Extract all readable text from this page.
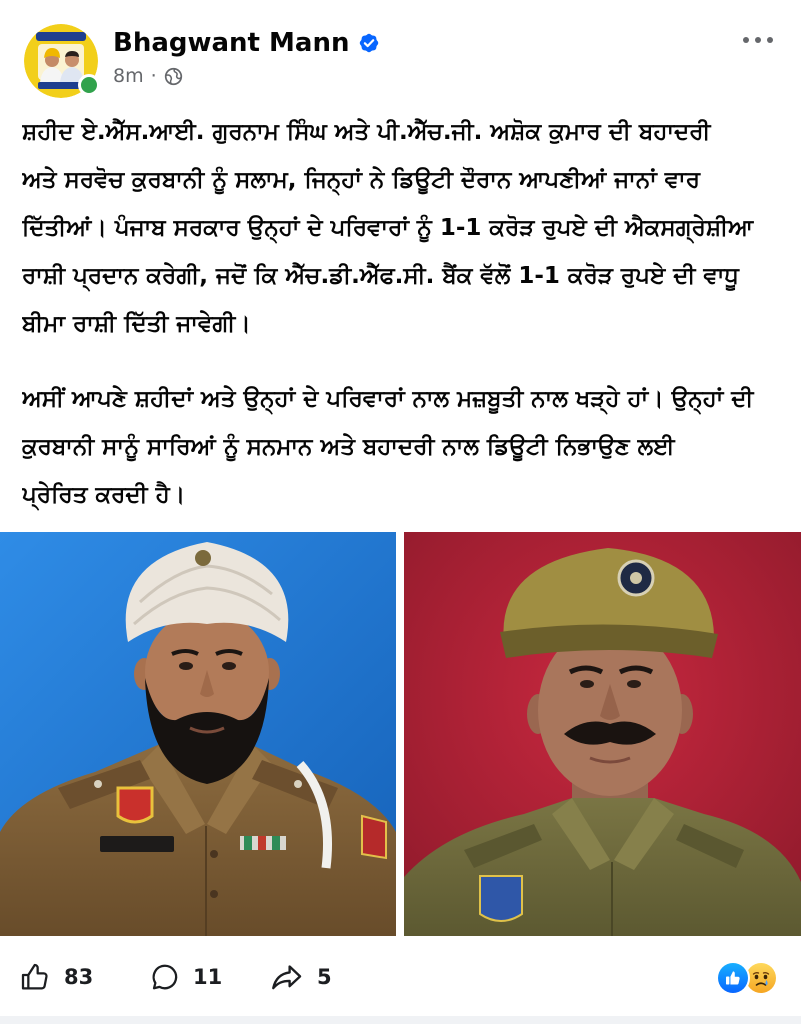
Bhagwant Mann
8m ·
ਸ਼ਹੀਦ ਏ.ਐੱਸ.ਆਈ. ਗੁਰਨਾਮ ਸਿੰਘ ਅਤੇ ਪੀ.ਐੱਚ.ਜੀ. ਅਸ਼ੋਕ ਕੁਮਾਰ ਦੀ ਬਹਾਦਰੀ
ਅਤੇ ਸਰਵੋਚ ਕੁਰਬਾਨੀ ਨੂੰ ਸਲਾਮ, ਜਿਨ੍ਹਾਂ ਨੇ ਡਿਊਟੀ ਦੌਰਾਨ ਆਪਣੀਆਂ ਜਾਨਾਂ ਵਾਰ
ਦਿੱਤੀਆਂ। ਪੰਜਾਬ ਸਰਕਾਰ ਉਨ੍ਹਾਂ ਦੇ ਪਰਿਵਾਰਾਂ ਨੂੰ 1-1 ਕਰੋੜ ਰੁਪਏ ਦੀ ਐਕਸਗ੍ਰੇਸ਼ੀਆ
ਰਾਸ਼ੀ ਪ੍ਰਦਾਨ ਕਰੇਗੀ, ਜਦੋਂ ਕਿ ਐੱਚ.ਡੀ.ਐੱਫ.ਸੀ. ਬੈਂਕ ਵੱਲੋਂ 1-1 ਕਰੋੜ ਰੁਪਏ ਦੀ ਵਾਧੂ
ਬੀਮਾ ਰਾਸ਼ੀ ਦਿੱਤੀ ਜਾਵੇਗੀ।
ਅਸੀਂ ਆਪਣੇ ਸ਼ਹੀਦਾਂ ਅਤੇ ਉਨ੍ਹਾਂ ਦੇ ਪਰਿਵਾਰਾਂ ਨਾਲ ਮਜ਼ਬੂਤੀ ਨਾਲ ਖੜ੍ਹੇ ਹਾਂ। ਉਨ੍ਹਾਂ ਦੀ
ਕੁਰਬਾਨੀ ਸਾਨੂੰ ਸਾਰਿਆਂ ਨੂੰ ਸਨਮਾਨ ਅਤੇ ਬਹਾਦਰੀ ਨਾਲ ਡਿਊਟੀ ਨਿਭਾਉਣ ਲਈ
ਪ੍ਰੇਰਿਤ ਕਰਦੀ ਹੈ।
83	11	5
